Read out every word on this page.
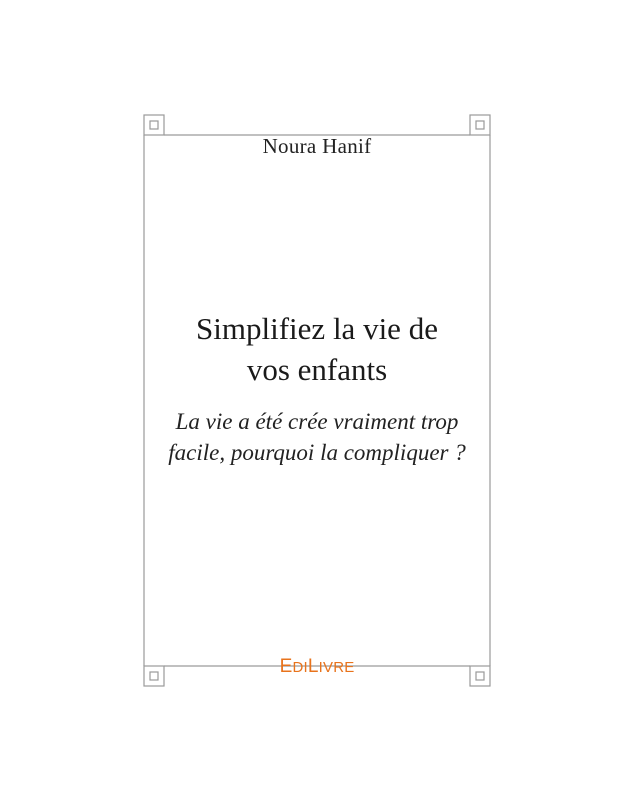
Noura Hanif
Simplifiez la vie de
vos enfants
La vie a été crée vraiment trop
facile, pourquoi la compliquer ?
EDILIVRE
